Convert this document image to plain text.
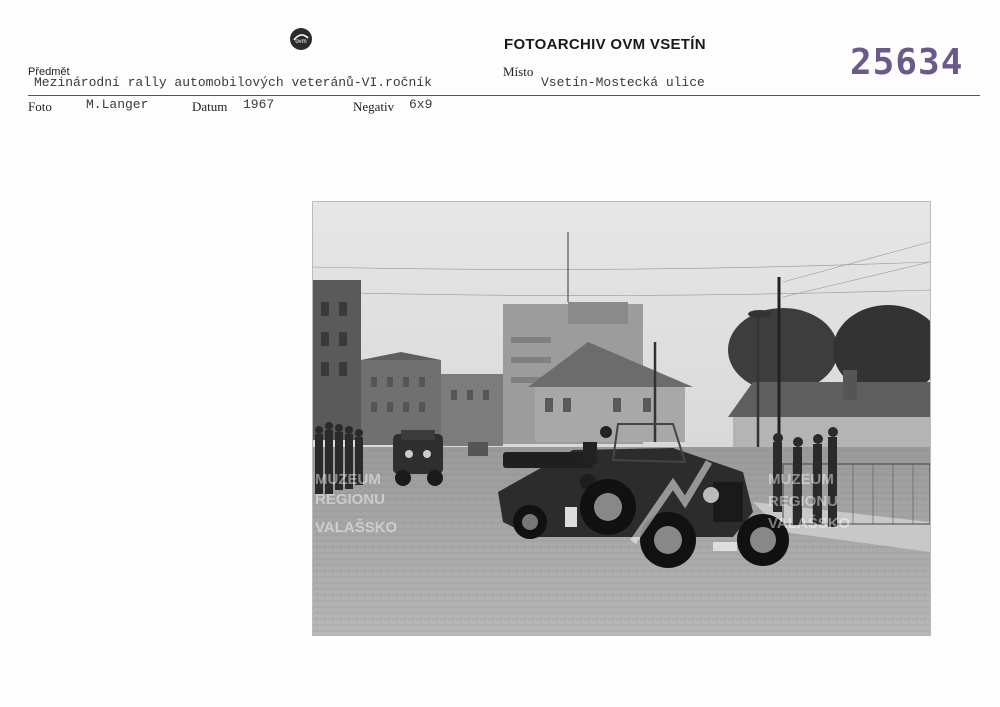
ovm	FOTOARCHIV OVM VSETÍN	25634
Předmět
Mezinárodní rally automobilových veteránů-VI.ročník
Místo
Vsetín-Mostecká ulice
Foto	M.Langer	Datum 1967	Negativ 6x9
MUZEUM
REGIONU
VALAŠSKO
MUZEUM
REGIONU
VALAŠSKO
